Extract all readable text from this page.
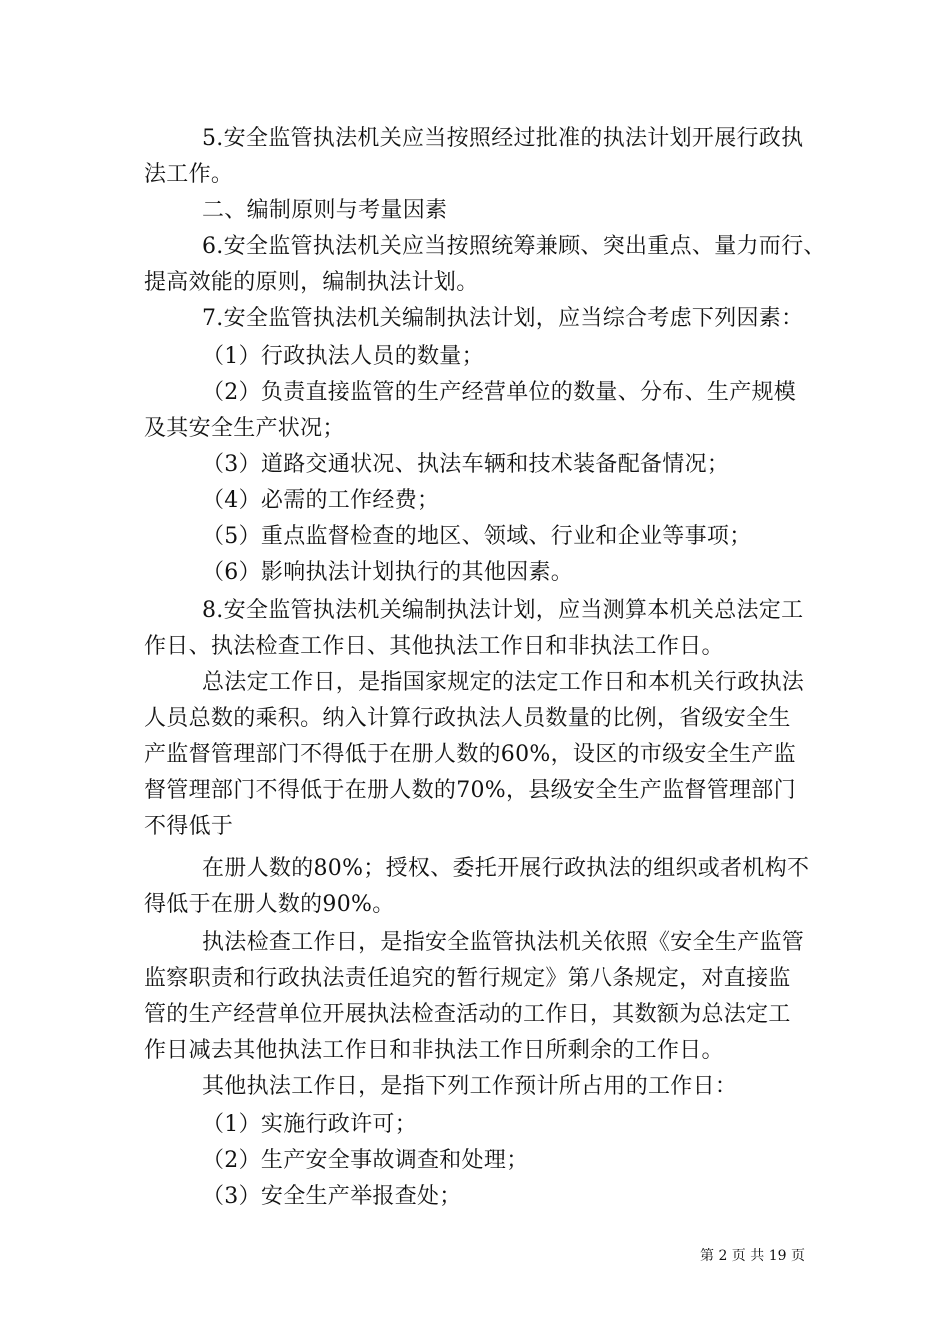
5.安全监管执法机关应当按照经过批准的执法计划开展行政执
法工作。
二、编制原则与考量因素
6.安全监管执法机关应当按照统筹兼顾、突出重点、量力而行、
提高效能的原则，编制执法计划。
7.安全监管执法机关编制执法计划，应当综合考虑下列因素：
（1）行政执法人员的数量；
（2）负责直接监管的生产经营单位的数量、分布、生产规模
及其安全生产状况；
（3）道路交通状况、执法车辆和技术装备配备情况；
（4）必需的工作经费；
（5）重点监督检查的地区、领域、行业和企业等事项；
（6）影响执法计划执行的其他因素。
8.安全监管执法机关编制执法计划，应当测算本机关总法定工
作日、执法检查工作日、其他执法工作日和非执法工作日。
总法定工作日，是指国家规定的法定工作日和本机关行政执法
人员总数的乘积。纳入计算行政执法人员数量的比例，省级安全生
产监督管理部门不得低于在册人数的60%，设区的市级安全生产监
督管理部门不得低于在册人数的70%，县级安全生产监督管理部门
不得低于
在册人数的80%；授权、委托开展行政执法的组织或者机构不
得低于在册人数的90%。
执法检查工作日，是指安全监管执法机关依照《安全生产监管
监察职责和行政执法责任追究的暂行规定》第八条规定，对直接监
管的生产经营单位开展执法检查活动的工作日，其数额为总法定工
作日减去其他执法工作日和非执法工作日所剩余的工作日。
其他执法工作日，是指下列工作预计所占用的工作日：
（1）实施行政许可；
（2）生产安全事故调查和处理；
（3）安全生产举报查处；
第 2 页 共 19 页
